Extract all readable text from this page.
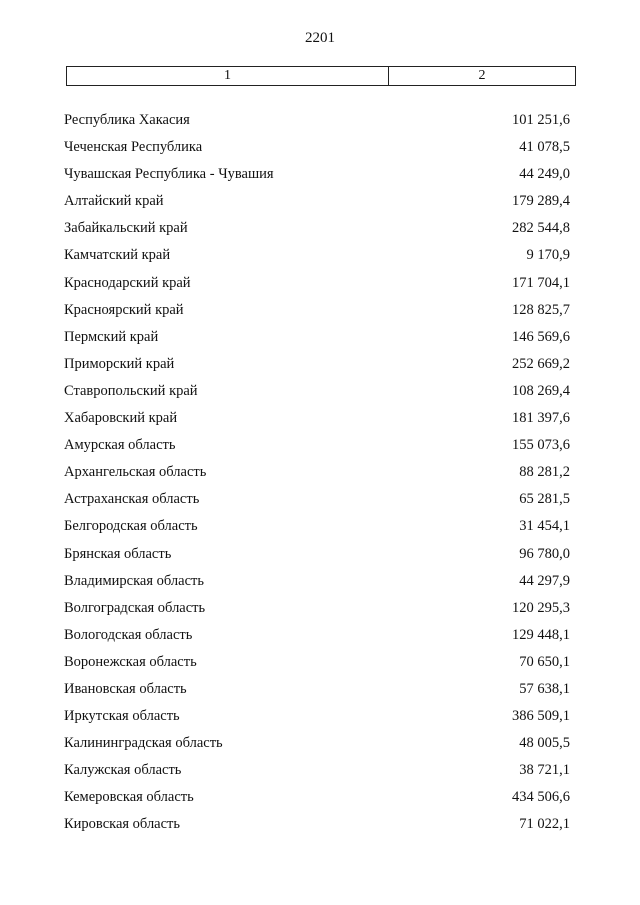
2201
1	2
Республика Хакасия	101 251,6
Чеченская Республика	41 078,5
Чувашская Республика - Чувашия	44 249,0
Алтайский край	179 289,4
Забайкальский край	282 544,8
Камчатский край	9 170,9
Краснодарский край	171 704,1
Красноярский край	128 825,7
Пермский край	146 569,6
Приморский край	252 669,2
Ставропольский край	108 269,4
Хабаровский край	181 397,6
Амурская область	155 073,6
Архангельская область	88 281,2
Астраханская область	65 281,5
Белгородская область	31 454,1
Брянская область	96 780,0
Владимирская область	44 297,9
Волгоградская область	120 295,3
Вологодская область	129 448,1
Воронежская область	70 650,1
Ивановская область	57 638,1
Иркутская область	386 509,1
Калининградская область	48 005,5
Калужская область	38 721,1
Кемеровская область	434 506,6
Кировская область	71 022,1
